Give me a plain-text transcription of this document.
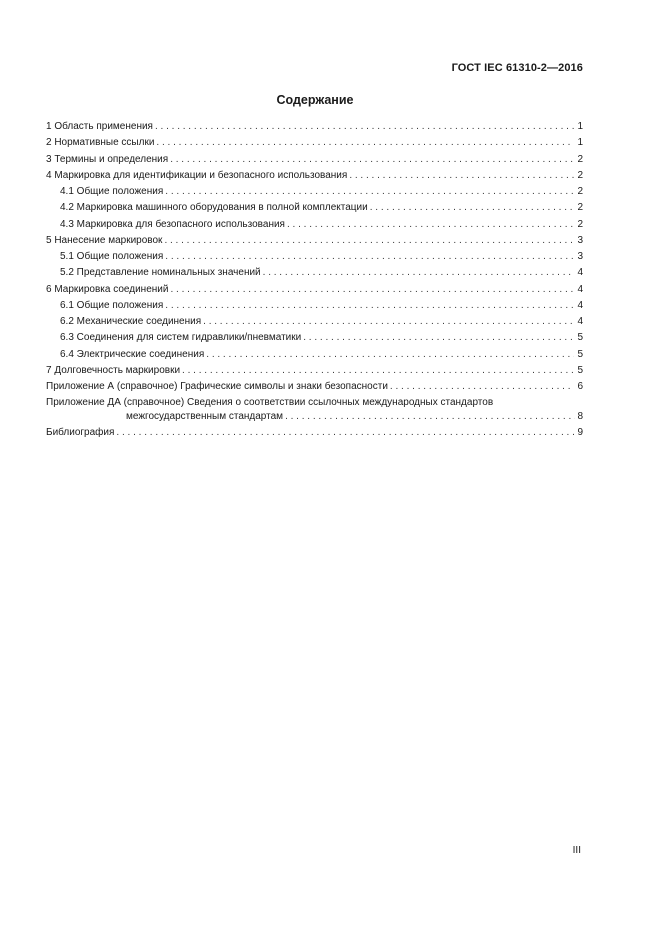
ГОСТ IEC 61310-2—2016
Содержание
1 Область применения . . .	1
2 Нормативные ссылки . . .	1
3 Термины и определения . . .	2
4 Маркировка для идентификации и безопасного использования . . .	2
4.1 Общие положения . . .	2
4.2 Маркировка машинного оборудования в полной комплектации . . .	2
4.3 Маркировка для безопасного использования . . .	2
5 Нанесение маркировок . . .	3
5.1 Общие положения . . .	3
5.2 Представление номинальных значений . . .	4
6 Маркировка соединений . . .	4
6.1 Общие положения . . .	4
6.2 Механические соединения . . .	4
6.3 Соединения для систем гидравлики/пневматики . . .	5
6.4 Электрические соединения . . .	5
7 Долговечность маркировки . . .	5
Приложение А (справочное) Графические символы и знаки безопасности . . .	6
Приложение ДА (справочное) Сведения о соответствии ссылочных международных стандартов
межгосударственным стандартам . . .	8
Библиография . . .	9
III
